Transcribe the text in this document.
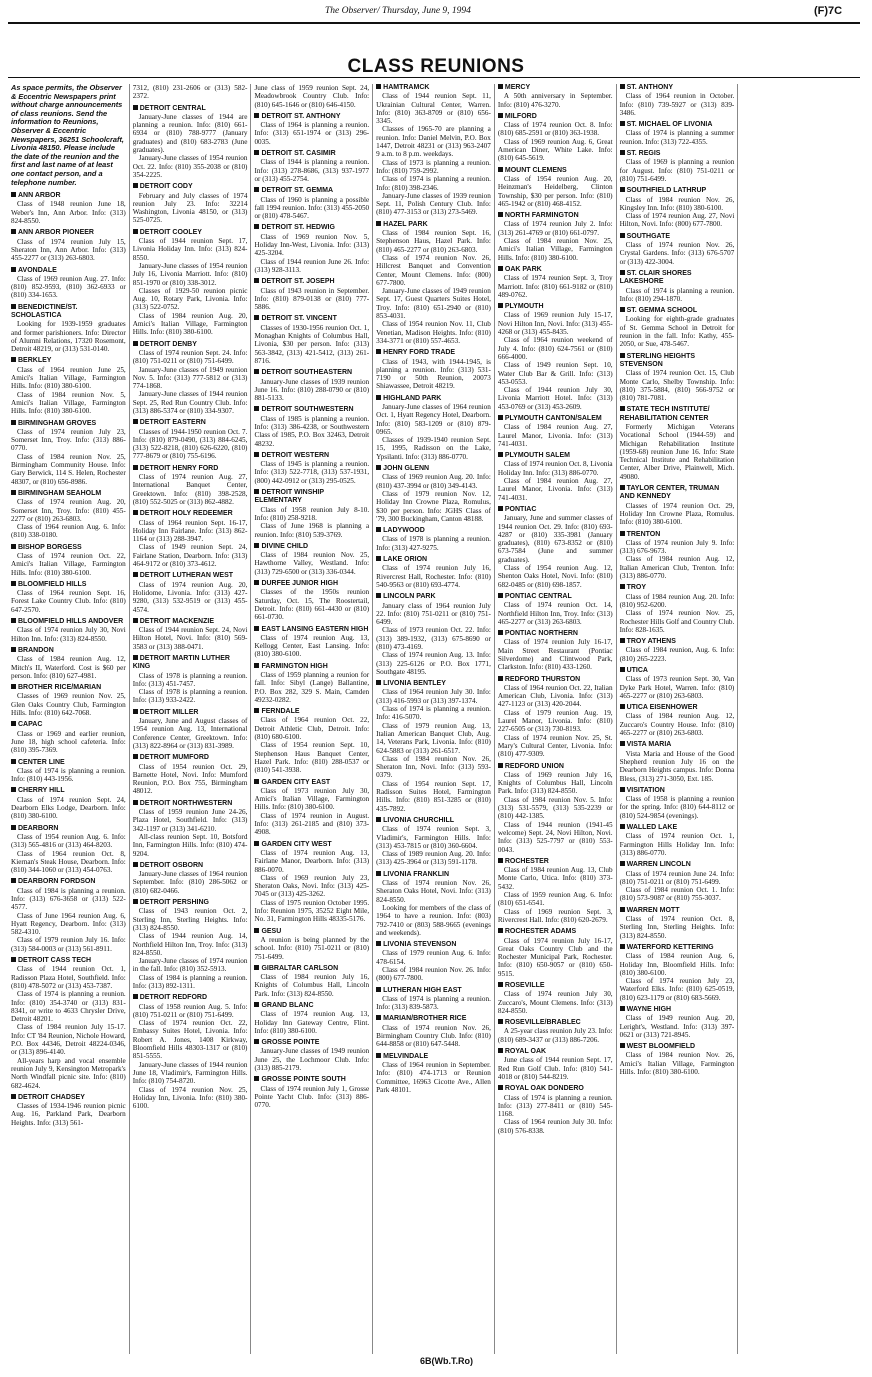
The Observer/ Thursday, June 9, 1994	(F)7C
CLASS REUNIONS
As space permits, the Observer & Eccentric Newspapers print without charge announcements of class reunions. Send the information to Reunions, Observer & Eccentric Newspapers, 36251 Schoolcraft, Livonia 48150. Please include the date of the reunion and the first and last name of at least one contact person, and a telephone number.
ANN ARBOR

Class of 1948 reunion June 18, Weber's Inn, Ann Arbor. Info: (313) 824-8550.

ANN ARBOR PIONEER

Class of 1974 reunion July 15, Sheraton Inn, Ann Arbor. Info: (313) 455-2277 or (313) 263-6803.

AVONDALE

Class of 1969 reunion Aug. 27. Info: (810) 852-9593, (810) 362-6933 or (810) 334-1653.

BENEDICTINE/ST. SCHOLASTICA

Looking for 1939-1959 graduates and former parishioners. Info: Director of Alumni Relations, 17320 Rosemont, Detroit 48219, or (313) 531-0140.

BERKLEY

Class of 1964 reunion June 25, Amici's Italian Village, Farmington Hills. Info: (810) 380-6100.

Class of 1984 reunion Nov. 5, Amici's Italian Village, Farmington Hills. Info: (810) 380-6100.

BIRMINGHAM GROVES

Class of 1974 reunion July 23, Somerset Inn, Troy. Info: (313) 886-0770.

Class of 1984 reunion Nov. 25, Birmingham Community House. Info: Gary Berwick, 114 S. Helen, Rochester 48307, or (810) 656-8986.

BIRMINGHAM SEAHOLM

Class of 1974 reunion Aug. 20, Somerset Inn, Troy. Info: (810) 455-2277 or (810) 263-6803.

Class of 1964 reunion Aug. 6. Info: (810) 338-0180.

BISHOP BORGESS

Class of 1974 reunion Oct. 22, Amici's Italian Village, Farmington Hills. Info: (810) 380-6100.

BLOOMFIELD HILLS

Class of 1964 reunion Sept. 16, Forest Lake Country Club. Info: (810) 647-2570.

BLOOMFIELD HILLS ANDOVER

Class of 1974 reunion July 30, Novi Hilton Inn. Info: (313) 824-8550.

BRANDON

Class of 1984 reunion Aug. 12, Mitch's II, Waterford. Cost is $60 per person. Info: (810) 627-4981.

BROTHER RICE/MARIAN

Classes of 1969 reunion Nov. 25, Glen Oaks Country Club, Farmington Hills. Info: (810) 642-7068.

CAPAC

Class or 1969 and earlier reunion, June 18, high school cafeteria. Info: (810) 395-7369.

CENTER LINE

Class of 1974 is planning a reunion. Info: (810) 443-1956.

CHERRY HILL

Class of 1974 reunion Sept. 24, Dearborn Elks Lodge, Dearborn. Info: (810) 380-6100.

DEARBORN

Class of 1954 reunion Aug. 6. Info: (313) 565-4816 or (313) 464-8203.

Class of 1964 reunion Oct. 8, Kiernan's Steak House, Dearborn. Info: (810) 344-1060 or (313) 454-0763.

DEARBORN FORDSON

Class of 1984 is planning a reunion. Info: (313) 676-3658 or (313) 522-4577.

Class of June 1964 reunion Aug. 6, Hyatt Regency, Dearborn. Info: (313) 582-4310.

Class of 1979 reunion July 16. Info: (313) 584-0003 or (313) 561-8911.

DETROIT CASS TECH

Class of 1944 reunion Oct. 1, Radisson Plaza Hotel, Southfield. Info: (810) 478-5072 or (313) 453-7387.

Class of 1974 is planning a reunion. Info: (810) 354-3740 or (313) 831-8341, or write to 4633 Chrysler Drive, Detroit 48201.

Class of 1984 reunion July 15-17. Info: CT '84 Reunion, Nichole Howard, P.O. Box 44346, Detroit 48224-0346, or (313) 896-4140.

All-years harp and vocal ensemble reunion July 9, Kensington Metropark's North Windfall picnic site. Info: (810) 682-4624.

DETROIT CHADSEY

Classes of 1934-1946 reunion picnic Aug. 16, Parkland Park, Dearborn Heights. Info: (313) 561-

7312, (810) 231-2606 or (313) 582-2372.

DETROIT CENTRAL

January-June classes of 1944 are planning a reunion. Info: (810) 661-6934 or (810) 788-9777 (January graduates) and (810) 683-2783 (June graduates).

January-June classes of 1954 reunion Oct. 22. Info: (810) 355-2038 or (810) 354-2225.

DETROIT CODY

February and July classes of 1974 reunion July 23. Info: 32214 Washington, Livonia 48150, or (313) 525-0725.

DETROIT COOLEY

Class of 1944 reunion Sept. 17, Livonia Holiday Inn. Info: (313) 824-8550.

January-June classes of 1954 reunion July 16, Livonia Marriott. Info: (810) 851-1970 or (810) 338-3012.

Classes of 1929-50 reunion picnic Aug. 10, Rotary Park, Livonia. Info: (313) 522-0752.

Class of 1984 reunion Aug. 20, Amici's Italian Village, Farmington Hills. Info: (810) 380-6100.

DETROIT DENBY

Class of 1974 reunion Sept. 24. Info: (810) 751-0211 or (810) 751-6499.

January-June classes of 1949 reunion Nov. 5. Info: (313) 777-5812 or (313) 774-1868.

January-June classes of 1944 reunion Sept. 25, Red Run Country Club. Info: (313) 886-5374 or (810) 334-9307.

DETROIT EASTERN

Classes of 1944-1950 reunion Oct. 7. Info: (810) 879-0490, (313) 884-6245, (313) 522-8218, (810) 626-6220, (810) 777-8679 or (810) 755-6196.

DETROIT HENRY FORD

Class of 1974 reunion Aug. 27, International Banquet Center, Greektown. Info: (810) 398-2528, (810) 552-5025 or (313) 862-4882.

DETROIT HOLY REDEEMER

Class of 1964 reunion Sept. 16-17, Holiday Inn Fairlane. Info: (313) 862-1164 or (313) 288-3947.

Class of 1949 reunion Sept. 24, Fairlane Station, Dearborn. Info: (313) 464-9172 or (810) 373-4612.

DETROIT LUTHERAN WEST

Class of 1974 reunion Aug. 20, Holidome, Livonia. Info: (313) 427-9280, (313) 532-9519 or (313) 455-4574.

DETROIT MACKENZIE

Class of 1944 reunion Sept. 24, Novi Hilton Hotel, Novi. Info: (810) 569-3583 or (313) 388-0471.

DETROIT MARTIN LUTHER KING

Class of 1978 is planning a reunion. Info: (313) 451-7457.

Class of 1978 is planning a reunion. Info: (313) 933-2422.

DETROIT MILLER

January, June and August classes of 1954 reunion Aug. 13, International Conference Center, Greektown. Info: (313) 822-8964 or (313) 831-3989.

DETROIT MUMFORD

Class of 1954 reunion Oct. 29, Barnette Hotel, Novi. Info: Mumford Reunion, P.O. Box 755, Birmingham 48012.

DETROIT NORTHWESTERN

Class of 1959 reunion June 24-26, Plaza Hotel, Southfield. Info: (313) 342-1197 or (313) 341-6210.

All-class reunion Sept. 10, Botsford Inn, Farmington Hills. Info: (810) 474-9204.

DETROIT OSBORN

January-June classes of 1964 reunion September. Info: (810) 286-5062 or (810) 682-0466.

DETROIT PERSHING

Class of 1943 reunion Oct. 2, Sterling Inn, Sterling Heights. Info: (313) 824-8550.

Class of 1944 reunion Aug. 14, Northfield Hilton Inn, Troy. Info: (313) 824-8550.

January-June classes of 1974 reunion in the fall. Info: (810) 352-5913.

Class of 1984 is planning a reunion. Info: (313) 892-1311.

DETROIT REDFORD

Class of 1958 reunion Aug. 5. Info: (810) 751-0211 or (810) 751-6499.

Class of 1974 reunion Oct. 22, Embassy Suites Hotel, Livonia. Info: Robert A. Jones, 1408 Kirkway, Bloomfield Hills 48303-1317 or (810) 851-5555.

January-June classes of 1944 reunion June 18, Vladimir's, Farmington Hills. Info: (810) 754-8720.

Class of 1974 reunion Nov. 25, Holiday Inn, Livonia. Info: (810) 380-6100.

June class of 1959 reunion Sept. 24, Meadowbrook Country Club. Info: (810) 645-1646 or (810) 646-4150.

DETROIT ST. ANTHONY

Class of 1964 is planning a reunion. Info: (313) 651-1974 or (313) 296-0035.

DETROIT ST. CASIMIR

Class of 1944 is planning a reunion. Info: (313) 278-8686, (313) 937-1977 or (313) 455-2754.

DETROIT ST. GEMMA

Class of 1960 is planning a possible fall 1994 reunion. Info: (313) 455-2050 or (810) 478-5467.

DETROIT ST. HEDWIG

Class of 1969 reunion Nov. 5, Holiday Inn-West, Livonia. Info: (313) 425-3204.

Class of 1944 reunion June 26. Info: (313) 928-3113.

DETROIT ST. JOSEPH

Class of 1943 reunion in September. Info: (810) 879-0138 or (810) 777-5886.

DETROIT ST. VINCENT

Classes of 1930-1956 reunion Oct. 1, Monaghan Knights of Columbus Hall, Livonia, $30 per person. Info: (313) 563-3842, (313) 421-5412, (313) 261-8716.

DETROIT SOUTHEASTERN

January-June classes of 1939 reunion June 16. Info: (810) 288-0790 or (810) 881-5133.

DETROIT SOUTHWESTERN

Class of 1985 is planning a reunion. Info: (313) 386-4238, or Southwestern Class of 1985, P.O. Box 32463, Detroit 48232.

DETROIT WESTERN

Class of 1945 is planning a reunion. Info: (313) 522-7718, (313) 537-1931, (800) 442-0912 or (313) 295-0525.

DETROIT WINSHIP ELEMENTARY

Class of 1958 reunion July 8-10. Info: (810) 258-9218.

Class of June 1968 is planning a reunion. Info: (810) 539-3769.

DIVINE CHILD

Class of 1984 reunion Nov. 25, Hawthorne Valley, Westland. Info: (313) 729-6500 or (313) 336-0344.

DURFEE JUNIOR HIGH

Classes of the 1950s reunion Saturday, Oct. 15, The Roostertail, Detroit. Info: (810) 661-4430 or (810) 661-0730.

EAST LANSING EASTERN HIGH

Class of 1974 reunion Aug. 13, Kellogg Center, East Lansing. Info: (810) 380-6100.

FARMINGTON HIGH

Class of 1959 planning a reunion for fall. Info: Sibyl (Lange) Ballantine, P.O. Box 282, 329 S. Main, Camden 49232-0282.

FERNDALE

Class of 1964 reunion Oct. 22, Detroit Athletic Club, Detroit. Info: (810) 680-6100.

Class of 1954 reunion Sept. 10, Stephenson Haus Banquet Center, Hazel Park. Info: (810) 288-0537 or (810) 541-3938.

GARDEN CITY EAST

Class of 1973 reunion July 30, Amici's Italian Village, Farmington Hills. Info: (810) 380-6100.

Class of 1974 reunion in August. Info: (313) 261-2185 and (810) 373-4908.

GARDEN CITY WEST

Class of 1974 reunion Aug. 13, Fairlane Manor, Dearborn. Info: (313) 886-0070.

Class of 1969 reunion July 23, Sheraton Oaks, Novi. Info: (313) 425-7045 or (313) 425-3262.

Class of 1975 reunion October 1995. Info: Reunion 1975, 35252 Eight Mile, No. 31, Farmington Hills 48335-5176.

GESU

A reunion is being planned by the school. Info: (810) 751-0211 or (810) 751-6499.

GIBRALTAR CARLSON

Class of 1984 reunion July 16, Knights of Columbus Hall, Lincoln Park. Info: (313) 824-8550.

GRAND BLANC

Class of 1974 reunion Aug. 13, Holiday Inn Gateway Centre, Flint. Info: (810) 380-6100.

GROSSE POINTE

January-June classes of 1949 reunion June 25, the Lochmoor Club. Info: (313) 885-2179.

GROSSE POINTE SOUTH

Class of 1974 reunion July 1, Grosse Pointe Yacht Club. Info: (313) 886-0770.

HAMTRAMCK

Class of 1944 reunion Sept. 11, Ukrainian Cultural Center, Warren. Info: (810) 363-8709 or (810) 656-3345.

Classes of 1965-70 are planning a reunion. Info: Daniel Melvin, P.O. Box 1447, Detroit 48231 or (313) 963-2407 9 a.m. to 8 p.m. weekdays.

Class of 1973 is planning a reunion. Info: (810) 759-2992.

Class of 1974 is planning a reunion. Info: (810) 398-2346.

January-June classes of 1939 reunion Sept. 11, Polish Century Club. Info: (810) 477-3153 or (313) 273-5469.

HAZEL PARK

Class of 1984 reunion Sept. 16, Stephenson Haus, Hazel Park. Info: (810) 465-2277 or (810) 263-6803.

Class of 1974 reunion Nov. 26, Hillcrest Banquet and Convention Center, Mount Clemens. Info: (800) 677-7800.

January-June classes of 1949 reunion Sept. 17, Guest Quarters Suites Hotel, Troy. Info: (810) 651-2940 or (810) 853-4031.

Class of 1954 reunion Nov. 11, Club Venetian, Madison Heights. Info: (810) 334-3771 or (810) 557-4653.

HENRY FORD TRADE

Class of 1943, with 1944-1945, is planning a reunion. Info: (313) 531-7190 or 50th Reunion, 20073 Shiawassee, Detroit 48219.

HIGHLAND PARK

January-June classes of 1964 reunion Oct. 1, Hyatt Regency Hotel, Dearborn. Info: (810) 583-1209 or (810) 879-0965.

Classes of 1939-1940 reunion Sept. 15, 1995, Radisson on the Lake, Ypsilanti. Info: (313) 886-0770.

JOHN GLENN

Class of 1969 reunion Aug. 20. Info: (810) 437-3994 or (810) 349-4143.

Class of 1979 reunion Nov. 12, Holiday Inn Crowne Plaza, Romulus, $30 per person. Info: JGHS Class of '79, 300 Buckingham, Canton 48188.

LADYWOOD

Class of 1978 is planning a reunion. Info: (313) 427-9275.

LAKE ORION

Class of 1974 reunion July 16, Rivercrest Hall, Rochester. Info: (810) 540-9563 or (810) 693-4774.

LINCOLN PARK

January class of 1964 reunion July 22. Info: (810) 751-0211 or (810) 751-6499.

Class of 1973 reunion Oct. 22. Info: (313) 389-1932, (313) 675-8690 or (810) 473-4169.

Class of 1974 reunion Aug. 13. Info: (313) 225-6126 or P.O. Box 1771, Southgate 48195.

LIVONIA BENTLEY

Class of 1964 reunion July 30. Info: (313) 416-5993 or (313) 397-1374.

Class of 1974 is planning a reunion. Info: 416-5070.

Class of 1979 reunion Aug. 13, Italian American Banquet Club, Aug. 14, Veterans Park, Livonia. Info: (810) 624-5883 or (313) 261-6517.

Class of 1984 reunion Nov. 26, Sheraton Inn, Novi. Info: (313) 593-0379.

Class of 1954 reunion Sept. 17, Radisson Suites Hotel, Farmington Hills. Info: (810) 851-3285 or (810) 435-7892.

LIVONIA CHURCHILL

Class of 1974 reunion Sept. 3, Vladimir's, Farmington Hills. Info: (313) 453-7815 or (810) 360-6604.

Class of 1989 reunion Aug. 20. Info: (313) 425-3964 or (313) 591-1178.

LIVONIA FRANKLIN

Class of 1974 reunion Nov. 26, Sheraton Oaks Hotel, Novi. Info: (313) 824-8550.

Looking for members of the class of 1964 to have a reunion. Info: (803) 792-7410 or (803) 588-9665 (evenings and weekends).

LIVONIA STEVENSON

Class of 1979 reunion Aug. 6. Info: 478-6154.

Class of 1984 reunion Nov. 26. Info: (800) 677-7800.

LUTHERAN HIGH EAST

Class of 1974 is planning a reunion. Info: (313) 839-5873.

MARIAN/BROTHER RICE

Class of 1974 reunion Nov. 26, Birmingham Country Club. Info: (810) 644-8858 or (810) 647-5448.

MELVINDALE

Class of 1964 reunion in September. Info: (810) 474-1713 or Reunion Committee, 16963 Cicotte Ave., Allen Park 48101.

MERCY

A 50th anniversary in September. Info: (810) 476-3270.

MILFORD

Class of 1974 reunion Oct. 8. Info: (810) 685-2591 or (810) 363-1938.

Class of 1969 reunion Aug. 6, Great American Diner, White Lake. Info: (810) 645-5619.

MOUNT CLEMENS

Class of 1954 reunion Aug. 20, Heinzman's Heidelberg, Clinton Township, $30 per person. Info: (810) 465-1942 or (810) 468-4152.

NORTH FARMINGTON

Class of 1974 reunion July 2. Info: (313) 261-4769 or (810) 661-0797.

Class of 1984 reunion Nov. 25, Amici's Italian Village, Farmington Hills. Info: (810) 380-6100.

OAK PARK

Class of 1974 reunion Sept. 3, Troy Marriott. Info: (810) 661-9182 or (810) 489-0762.

PLYMOUTH

Class of 1969 reunion July 15-17, Novi Hilton Inn, Novi. Info: (313) 455-4268 or (313) 455-8435.

Class of 1964 reunion weekend of July 4. Info: (810) 624-7561 or (810) 666-4000.

Class of 1949 reunion Sept. 10, Water Club Bar & Grill. Info: (313) 453-0553.

Class of 1944 reunion July 30, Livonia Marriott Hotel. Info: (313) 453-0769 or (313) 453-2609.

PLYMOUTH CANTON/SALEM

Class of 1984 reunion Aug. 27, Laurel Manor, Livonia. Info: (313) 741-4031.

PLYMOUTH SALEM

Class of 1974 reunion Oct. 8, Livonia Holiday Inn. Info: (313) 886-0770.

Class of 1984 reunion Aug. 27, Laurel Manor, Livonia. Info: (313) 741-4031.

PONTIAC

January, June and summer classes of 1944 reunion Oct. 29. Info: (810) 693-4287 or (810) 335-3981 (January graduates), (810) 673-8352 or (810) 673-7584 (June and summer graduates).

Class of 1954 reunion Aug. 12, Shenton Oaks Hotel, Novi. Info: (810) 682-0485 or (810) 698-1857.

PONTIAC CENTRAL

Class of 1974 reunion Oct. 14, Northfield Hilton Inn, Troy. Info: (313) 465-2277 or (313) 263-6803.

PONTIAC NORTHERN

Class of 1974 reunion July 16-17, Main Street Restaurant (Pontiac Silverdome) and Clintwood Park, Clarkston. Info: (810) 433-1260.

REDFORD THURSTON

Class of 1964 reunion Oct. 22, Italian American Club, Livonia. Info: (313) 427-1123 or (313) 420-2044.

Class of 1979 reunion Aug. 19, Laurel Manor, Livonia. Info: (810) 227-6505 or (313) 730-8193.

Class of 1974 reunion Nov. 25, St. Mary's Cultural Center, Livonia. Info: (810) 477-9309.

REDFORD UNION

Class of 1969 reunion July 16, Knights of Columbus Hall, Lincoln Park. Info: (313) 824-8550.

Class of 1984 reunion Nov. 5. Info: (313) 531-5579, (313) 535-2239 or (810) 442-1385.

Class of 1944 reunion (1941-45 welcome) Sept. 24, Novi Hilton, Novi. Info: (313) 525-7797 or (810) 553-0043.

ROCHESTER

Class of 1984 reunion Aug. 13, Club Monte Carlo, Utica. Info: (810) 373-5432.

Class of 1959 reunion Aug. 6. Info: (810) 651-6541.

Class of 1969 reunion Sept. 3, Rivercrest Hall. Info: (810) 620-2679.

ROCHESTER ADAMS

Class of 1974 reunion July 16-17, Great Oaks Country Club and the Rochester Municipal Park, Rochester. Info: (810) 650-9057 or (810) 650-9515.

ROSEVILLE

Class of 1974 reunion July 30, Zuccaro's, Mount Clemens. Info: (313) 824-8550.

ROSEVILLE/BRABLEC

A 25-year class reunion July 23. Info: (810) 689-3437 or (313) 886-7206.

ROYAL OAK

June class of 1944 reunion Sept. 17, Red Run Golf Club. Info: (810) 541-4018 or (810) 544-8219.

ROYAL OAK DONDERO

Class of 1974 is planning a reunion. Info: (313) 277-8411 or (810) 545-1168.

Class of 1964 reunion July 30. Info: (810) 576-8338.

ST. ANTHONY

Class of 1964 reunion in October. Info: (810) 739-5927 or (313) 839-3486.

ST. MICHAEL OF LIVONIA

Class of 1974 is planning a summer reunion. Info: (313) 722-4355.

ST. REGIS

Class of 1969 is planning a reunion for August. Info: (810) 751-0211 or (810) 751-6499.

SOUTHFIELD LATHRUP

Class of 1984 reunion Nov. 26, Kingsley Inn. Info: (810) 380-6100.

Class of 1974 reunion Aug. 27, Novi Hilton, Novi. Info: (800) 677-7800.

SOUTHGATE

Class of 1974 reunion Nov. 26, Crystal Gardens. Info: (313) 676-5707 or (313) 422-3004.

ST. CLAIR SHORES LAKESHORE

Class of 1974 is planning a reunion. Info: (810) 294-1870.

ST. GEMMA SCHOOL

Looking for eighth-grade graduates of St. Gemma School in Detroit for reunion in the fall. Info: Kathy, 455-2050, or Sue, 478-5467.

STERLING HEIGHTS STEVENSON

Class of 1974 reunion Oct. 15, Club Monte Carlo, Shelby Township. Info: (810) 375-5884, (810) 566-9752 or (810) 781-7081.

STATE TECH INSTITUTE/ REHABILITATION CENTER

Formerly Michigan Veterans Vocational School (1944-59) and Michigan Rehabilitation Institute (1959-68) reunion June 16. Info: State Technical Institute and Rehabilitation Center, Alber Drive, Plainwell, Mich. 49080.

TAYLOR CENTER, TRUMAN AND KENNEDY

Classes of 1974 reunion Oct. 29, Holiday Inn Crowne Plaza, Romulus. Info: (810) 380-6100.

TRENTON

Class of 1974 reunion July 9. Info: (313) 676-9673.

Class of 1984 reunion Aug. 12, Italian American Club, Trenton. Info: (313) 886-0770.

TROY

Class of 1984 reunion Aug. 20. Info: (810) 952-6200.

Class of 1974 reunion Nov. 25, Rochester Hills Golf and Country Club. Info: 828-1635.

TROY ATHENS

Class of 1984 reunion, Aug. 6. Info: (810) 265-2223.

UTICA

Class of 1973 reunion Sept. 30, Van Dyke Park Hotel, Warren. Info: (810) 465-2277 or (810) 263-6803.

UTICA EISENHOWER

Class of 1984 reunion Aug. 12, Zuccaro's Country House. Info: (810) 465-2277 or (810) 263-6803.

VISTA MARIA

Vista Maria and House of the Good Shepherd reunion July 16 on the Dearborn Heights campus. Info: Donna Bless, (313) 271-3050, Ext. 185.

VISITATION

Class of 1958 is planning a reunion for the spring. Info: (810) 644-8112 or (810) 524-9854 (evenings).

WALLED LAKE

Class of 1974 reunion Oct. 1, Farmington Hills Holiday Inn. Info: (313) 886-0770.

WARREN LINCOLN

Class of 1974 reunion June 24. Info: (810) 751-0211 or (810) 751-6499.

Class of 1984 reunion Oct. 1. Info: (810) 573-9087 or (810) 755-3037.

WARREN MOTT

Class of 1974 reunion Oct. 8, Sterling Inn, Sterling Heights. Info: (313) 824-8550.

WATERFORD KETTERING

Class of 1984 reunion Aug. 6, Holiday Inn, Bloomfield Hills. Info: (810) 380-6100.

Class of 1974 reunion July 23, Waterford Elks. Info: (810) 625-0519, (810) 623-1179 or (810) 683-5669.

WAYNE HIGH

Class of 1949 reunion Aug. 20, Leright's, Westland. Info: (313) 397-0621 or (313) 721-8945.

WEST BLOOMFIELD

Class of 1984 reunion Nov. 26, Amici's Italian Village, Farmington Hills. Info: (810) 380-6100.

6B(Wb.T.Ro)
